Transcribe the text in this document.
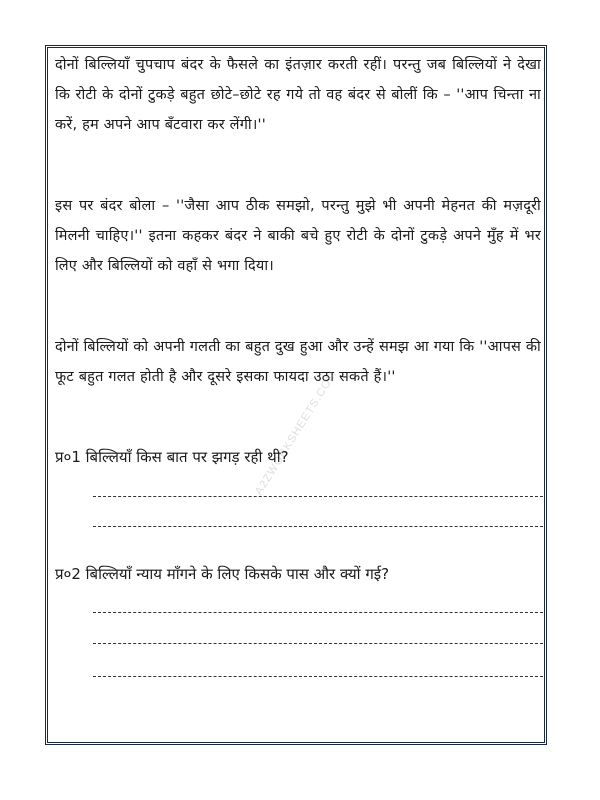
दोनों बिल्लियाँ चुपचाप बंदर के फैसले का इंतज़ार करती रहीं। परन्तु जब बिल्लियों ने देखा कि रोटी के दोनों टुकड़े बहुत छोटे–छोटे रह गये तो वह बंदर से बोलीं कि – ''आप चिन्ता ना करें, हम अपने आप बँटवारा कर लेंगी।''

इस पर बंदर बोला – ''जैसा आप ठीक समझो, परन्तु मुझे भी अपनी मेहनत की मज़दूरी मिलनी चाहिए।'' इतना कहकर बंदर ने बाकी बचे हुए रोटी के दोनों टुकड़े अपने मुँह में भर लिए और बिल्लियों को वहाँ से भगा दिया।

दोनों बिल्लियों को अपनी गलती का बहुत दुख हुआ और उन्हें समझ आ गया कि ''आपस की फूट बहुत गलत होती है और दूसरे इसका फायदा उठा सकते हैं।''

A2ZWORKSHEETS.COM

प्र०1 बिल्लियाँ किस बात पर झगड़ रही थी?

प्र०2 बिल्लियाँ न्याय माँगने के लिए किसके पास और क्यों गई?
